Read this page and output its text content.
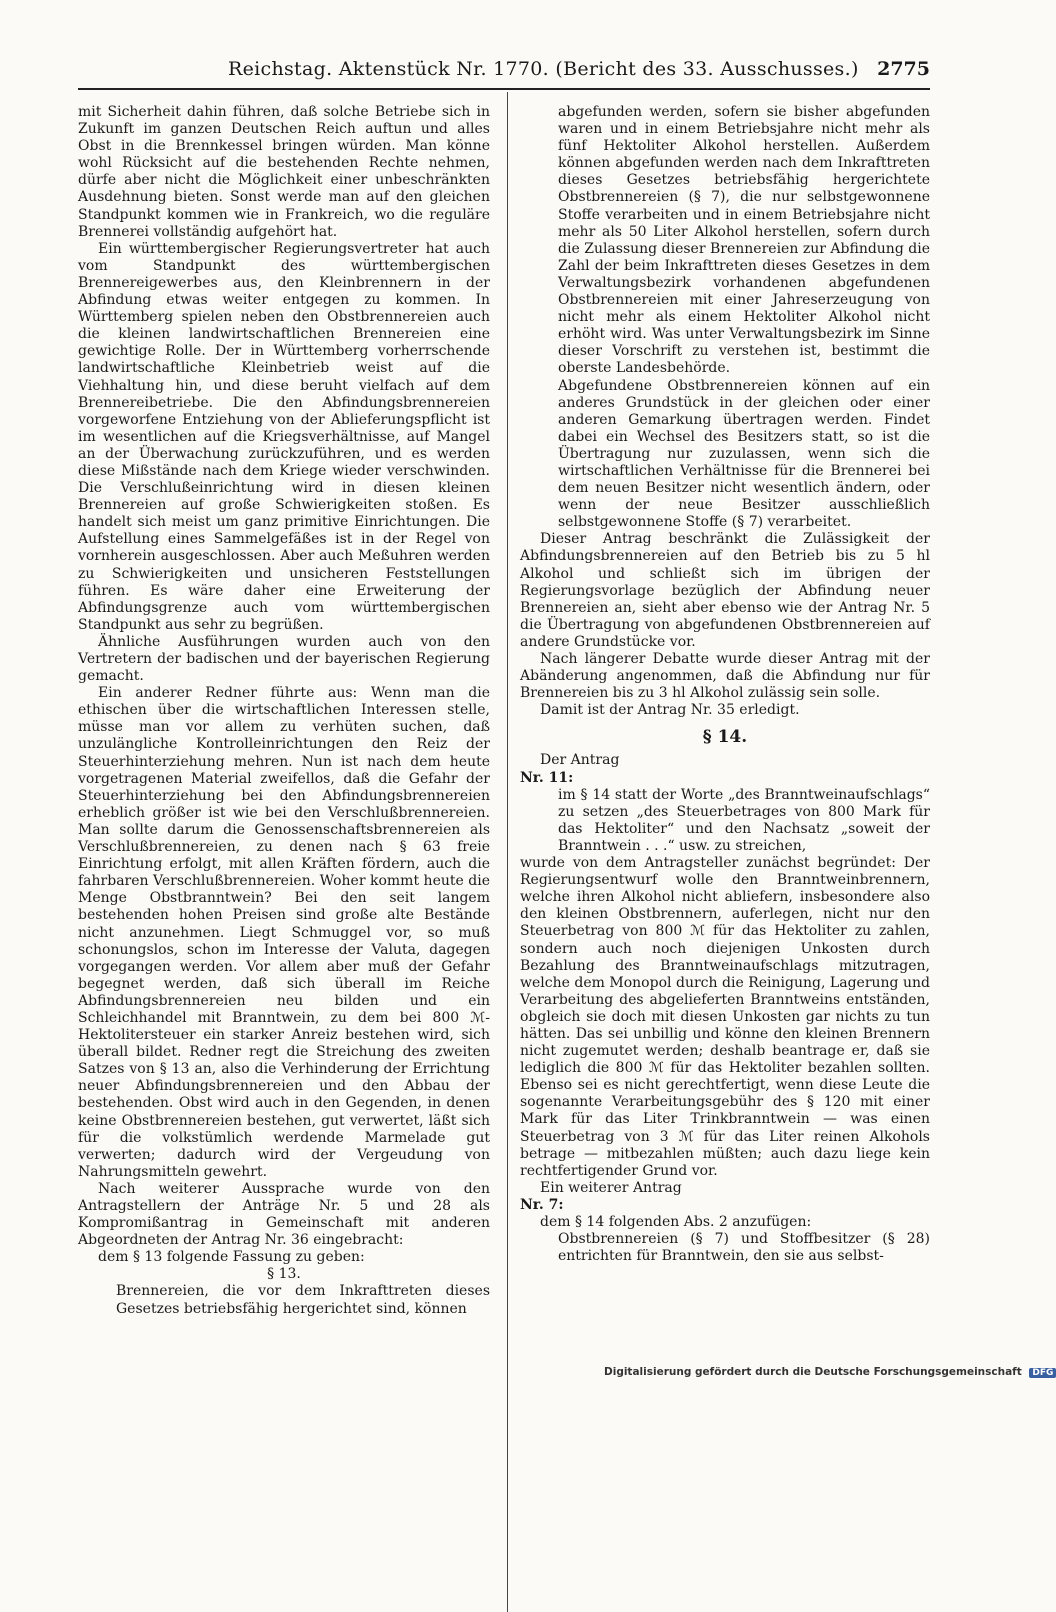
Reichstag. Aktenstück Nr. 1770. (Bericht des 33. Ausschusses.) 2775

mit Sicherheit dahin führen, daß solche Betriebe sich in Zukunft im ganzen Deutschen Reich auftun und alles Obst in die Brennkessel bringen würden. Man könne wohl Rücksicht auf die bestehenden Rechte nehmen, dürfe aber nicht die Möglichkeit einer unbeschränkten Ausdehnung bieten. Sonst werde man auf den gleichen Standpunkt kommen wie in Frankreich, wo die reguläre Brennerei vollständig aufgehört hat.

Ein württembergischer Regierungsvertreter hat auch vom Standpunkt des württembergischen Brennereigewerbes aus, den Kleinbrennern in der Abfindung etwas weiter entgegen zu kommen. In Württemberg spielen neben den Obstbrennereien auch die kleinen landwirtschaftlichen Brennereien eine gewichtige Rolle. Der in Württemberg vorherrschende landwirtschaftliche Kleinbetrieb weist auf die Viehhaltung hin, und diese beruht vielfach auf dem Brennereibetriebe. Die den Abfindungsbrennereien vorgeworfene Entziehung von der Ablieferungspflicht ist im wesentlichen auf die Kriegsverhältnisse, auf Mangel an der Überwachung zurückzuführen, und es werden diese Mißstände nach dem Kriege wieder verschwinden. Die Verschlußeinrichtung wird in diesen kleinen Brennereien auf große Schwierigkeiten stoßen. Es handelt sich meist um ganz primitive Einrichtungen. Die Aufstellung eines Sammelgefäßes ist in der Regel von vornherein ausgeschlossen. Aber auch Meßuhren werden zu Schwierigkeiten und unsicheren Feststellungen führen. Es wäre daher eine Erweiterung der Abfindungsgrenze auch vom württembergischen Standpunkt aus sehr zu begrüßen.

Ähnliche Ausführungen wurden auch von den Vertretern der badischen und der bayerischen Regierung gemacht.

Ein anderer Redner führte aus: Wenn man die ethischen über die wirtschaftlichen Interessen stelle, müsse man vor allem zu verhüten suchen, daß unzulängliche Kontrolleinrichtungen den Reiz der Steuerhinterziehung mehren. Nun ist nach dem heute vorgetragenen Material zweifellos, daß die Gefahr der Steuerhinterziehung bei den Abfindungsbrennereien erheblich größer ist wie bei den Verschlußbrennereien. Man sollte darum die Genossenschaftsbrennereien als Verschlußbrennereien, zu denen nach § 63 freie Einrichtung erfolgt, mit allen Kräften fördern, auch die fahrbaren Verschlußbrennereien. Woher kommt heute die Menge Obstbranntwein? Bei den seit langem bestehenden hohen Preisen sind große alte Bestände nicht anzunehmen. Liegt Schmuggel vor, so muß schonungslos, schon im Interesse der Valuta, dagegen vorgegangen werden. Vor allem aber muß der Gefahr begegnet werden, daß sich überall im Reiche Abfindungsbrennereien neu bilden und ein Schleichhandel mit Branntwein, zu dem bei 800 ℳ-Hektolitersteuer ein starker Anreiz bestehen wird, sich überall bildet. Redner regt die Streichung des zweiten Satzes von § 13 an, also die Verhinderung der Errichtung neuer Abfindungsbrennereien und den Abbau der bestehenden. Obst wird auch in den Gegenden, in denen keine Obstbrennereien bestehen, gut verwertet, läßt sich für die volkstümlich werdende Marmelade gut verwerten; dadurch wird der Vergeudung von Nahrungsmitteln gewehrt.

Nach weiterer Aussprache wurde von den Antragstellern der Anträge Nr. 5 und 28 als Kompromißantrag in Gemeinschaft mit anderen Abgeordneten der Antrag Nr. 36 eingebracht:

dem § 13 folgende Fassung zu geben:

§ 13.

Brennereien, die vor dem Inkrafttreten dieses Gesetzes betriebsfähig hergerichtet sind, können

abgefunden werden, sofern sie bisher abgefunden waren und in einem Betriebsjahre nicht mehr als fünf Hektoliter Alkohol herstellen. Außerdem können abgefunden werden nach dem Inkrafttreten dieses Gesetzes betriebsfähig hergerichtete Obstbrennereien (§ 7), die nur selbstgewonnene Stoffe verarbeiten und in einem Betriebsjahre nicht mehr als 50 Liter Alkohol herstellen, sofern durch die Zulassung dieser Brennereien zur Abfindung die Zahl der beim Inkrafttreten dieses Gesetzes in dem Verwaltungsbezirk vorhandenen abgefundenen Obstbrennereien mit einer Jahreserzeugung von nicht mehr als einem Hektoliter Alkohol nicht erhöht wird. Was unter Verwaltungsbezirk im Sinne dieser Vorschrift zu verstehen ist, bestimmt die oberste Landesbehörde.

Abgefundene Obstbrennereien können auf ein anderes Grundstück in der gleichen oder einer anderen Gemarkung übertragen werden. Findet dabei ein Wechsel des Besitzers statt, so ist die Übertragung nur zuzulassen, wenn sich die wirtschaftlichen Verhältnisse für die Brennerei bei dem neuen Besitzer nicht wesentlich ändern, oder wenn der neue Besitzer ausschließlich selbstgewonnene Stoffe (§ 7) verarbeitet.

Dieser Antrag beschränkt die Zulässigkeit der Abfindungsbrennereien auf den Betrieb bis zu 5 hl Alkohol und schließt sich im übrigen der Regierungsvorlage bezüglich der Abfindung neuer Brennereien an, sieht aber ebenso wie der Antrag Nr. 5 die Übertragung von abgefundenen Obstbrennereien auf andere Grundstücke vor.

Nach längerer Debatte wurde dieser Antrag mit der Abänderung angenommen, daß die Abfindung nur für Brennereien bis zu 3 hl Alkohol zulässig sein solle.

Damit ist der Antrag Nr. 35 erledigt.

§ 14.

Der Antrag

Nr. 11:

im § 14 statt der Worte „des Branntweinaufschlags“ zu setzen „des Steuerbetrages von 800 Mark für das Hektoliter“ und den Nachsatz „soweit der Branntwein . . .“ usw. zu streichen,

wurde von dem Antragsteller zunächst begründet: Der Regierungsentwurf wolle den Branntweinbrennern, welche ihren Alkohol nicht abliefern, insbesondere also den kleinen Obstbrennern, auferlegen, nicht nur den Steuerbetrag von 800 ℳ für das Hektoliter zu zahlen, sondern auch noch diejenigen Unkosten durch Bezahlung des Branntweinaufschlags mitzutragen, welche dem Monopol durch die Reinigung, Lagerung und Verarbeitung des abgelieferten Branntweins entständen, obgleich sie doch mit diesen Unkosten gar nichts zu tun hätten. Das sei unbillig und könne den kleinen Brennern nicht zugemutet werden; deshalb beantrage er, daß sie lediglich die 800 ℳ für das Hektoliter bezahlen sollten. Ebenso sei es nicht gerechtfertigt, wenn diese Leute die sogenannte Verarbeitungsgebühr des § 120 mit einer Mark für das Liter Trinkbranntwein — was einen Steuerbetrag von 3 ℳ für das Liter reinen Alkohols betrage — mitbezahlen müßten; auch dazu liege kein rechtfertigender Grund vor.

Ein weiterer Antrag

Nr. 7:

dem § 14 folgenden Abs. 2 anzufügen:

Obstbrennereien (§ 7) und Stoffbesitzer (§ 28) entrichten für Branntwein, den sie aus selbst-

Digitalisierung gefördert durch die Deutsche Forschungsgemeinschaft DFG
